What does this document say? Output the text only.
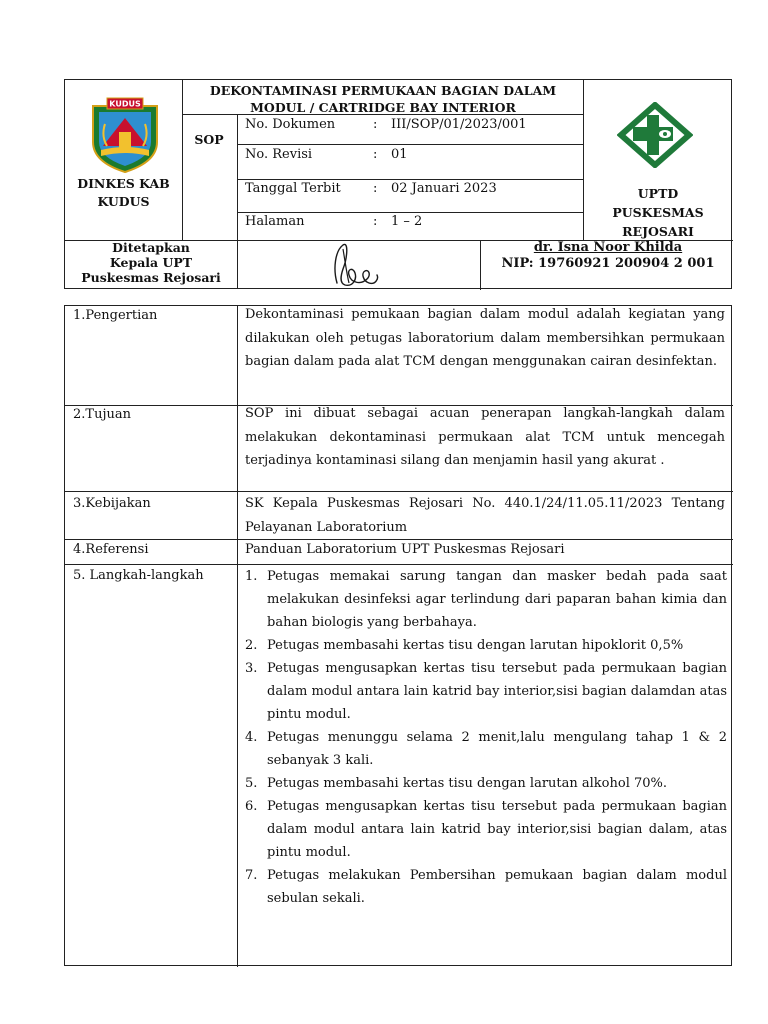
KUDUS
DINKES KAB KUDUS
DEKONTAMINASI PERMUKAAN BAGIAN DALAM
MODUL / CARTRIDGE BAY INTERIOR
SOP
No. Dokumen	: III/SOP/01/2023/001
No. Revisi	: 01
Tanggal Terbit : 02 Januari 2023
Halaman	: 1 – 2
UPTD
PUSKESMAS
REJOSARI
Ditetapkan
Kepala UPT
Puskesmas Rejosari
dr. Isna Noor Khilda
NIP: 19760921 200904 2 001
1.Pengertian	Dekontaminasi pemukaan bagian dalam modul adalah kegiatan yang dilakukan oleh petugas laboratorium dalam membersihkan permukaan bagian dalam pada alat TCM dengan menggunakan cairan desinfektan.
2.Tujuan	SOP ini dibuat sebagai acuan penerapan langkah-langkah dalam melakukan dekontaminasi permukaan alat TCM untuk mencegah terjadinya kontaminasi silang dan menjamin hasil yang akurat .
3.Kebijakan	SK Kepala Puskesmas Rejosari No. 440.1/24/11.05.11/2023 Tentang Pelayanan Laboratorium
4.Referensi	Panduan Laboratorium UPT Puskesmas Rejosari
5. Langkah-langkah	1. Petugas memakai sarung tangan dan masker bedah pada saat melakukan desinfeksi agar terlindung dari paparan bahan kimia dan bahan biologis yang berbahaya.
2. Petugas membasahi kertas tisu dengan larutan hipoklorit 0,5%
3. Petugas mengusapkan kertas tisu tersebut pada permukaan bagian dalam modul antara lain katrid bay interior,sisi bagian dalamdan atas pintu modul.
4. Petugas menunggu selama 2 menit,lalu mengulang tahap 1 & 2 sebanyak 3 kali.
5. Petugas membasahi kertas tisu dengan larutan alkohol 70%.
6. Petugas mengusapkan kertas tisu tersebut pada permukaan bagian dalam modul antara lain katrid bay interior,sisi bagian dalam, atas pintu modul.
7. Petugas melakukan Pembersihan pemukaan bagian dalam modul sebulan sekali.
